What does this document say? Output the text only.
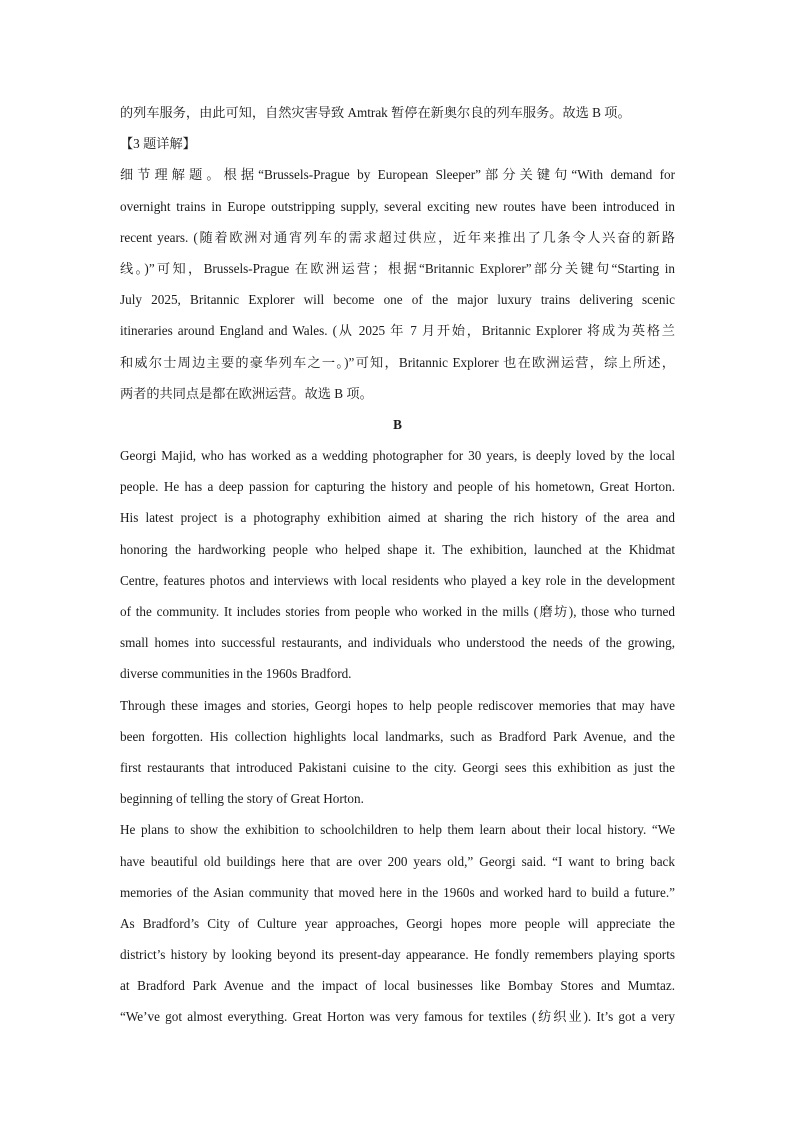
的列车服务，由此可知，自然灾害导致 Amtrak 暂停在新奥尔良的列车服务。故选 B 项。
【3 题详解】
细节理解题。根据“Brussels-Prague by European Sleeper”部分关键句“With demand for
overnight trains in Europe outstripping supply, several exciting new routes have been introduced in
recent years. (随着欧洲对通宵列车的需求超过供应，近年来推出了几条令人兴奋的新路
线。)”可知，Brussels-Prague 在欧洲运营；根据“Britannic Explorer”部分关键句“Starting in
July 2025, Britannic Explorer will become one of the major luxury trains delivering scenic
itineraries around England and Wales. (从 2025 年 7 月开始，Britannic Explorer 将成为英格兰
和威尔士周边主要的豪华列车之一。)”可知，Britannic Explorer 也在欧洲运营，综上所述，
两者的共同点是都在欧洲运营。故选 B 项。
B
Georgi Majid, who has worked as a wedding photographer for 30 years, is deeply loved by the local
people. He has a deep passion for capturing the history and people of his hometown, Great Horton.
His latest project is a photography exhibition aimed at sharing the rich history of the area and
honoring the hardworking people who helped shape it. The exhibition, launched at the Khidmat
Centre, features photos and interviews with local residents who played a key role in the development
of the community. It includes stories from people who worked in the mills (磨坊), those who turned
small homes into successful restaurants, and individuals who understood the needs of the growing,
diverse communities in the 1960s Bradford.
Through these images and stories, Georgi hopes to help people rediscover memories that may have
been forgotten. His collection highlights local landmarks, such as Bradford Park Avenue, and the
first restaurants that introduced Pakistani cuisine to the city. Georgi sees this exhibition as just the
beginning of telling the story of Great Horton.
He plans to show the exhibition to schoolchildren to help them learn about their local history. “We
have beautiful old buildings here that are over 200 years old,” Georgi said. “I want to bring back
memories of the Asian community that moved here in the 1960s and worked hard to build a future.”
As Bradford’s City of Culture year approaches, Georgi hopes more people will appreciate the
district’s history by looking beyond its present-day appearance. He fondly remembers playing sports
at Bradford Park Avenue and the impact of local businesses like Bombay Stores and Mumtaz.
“We’ve got almost everything. Great Horton was very famous for textiles (纺织业). It’s got a very
